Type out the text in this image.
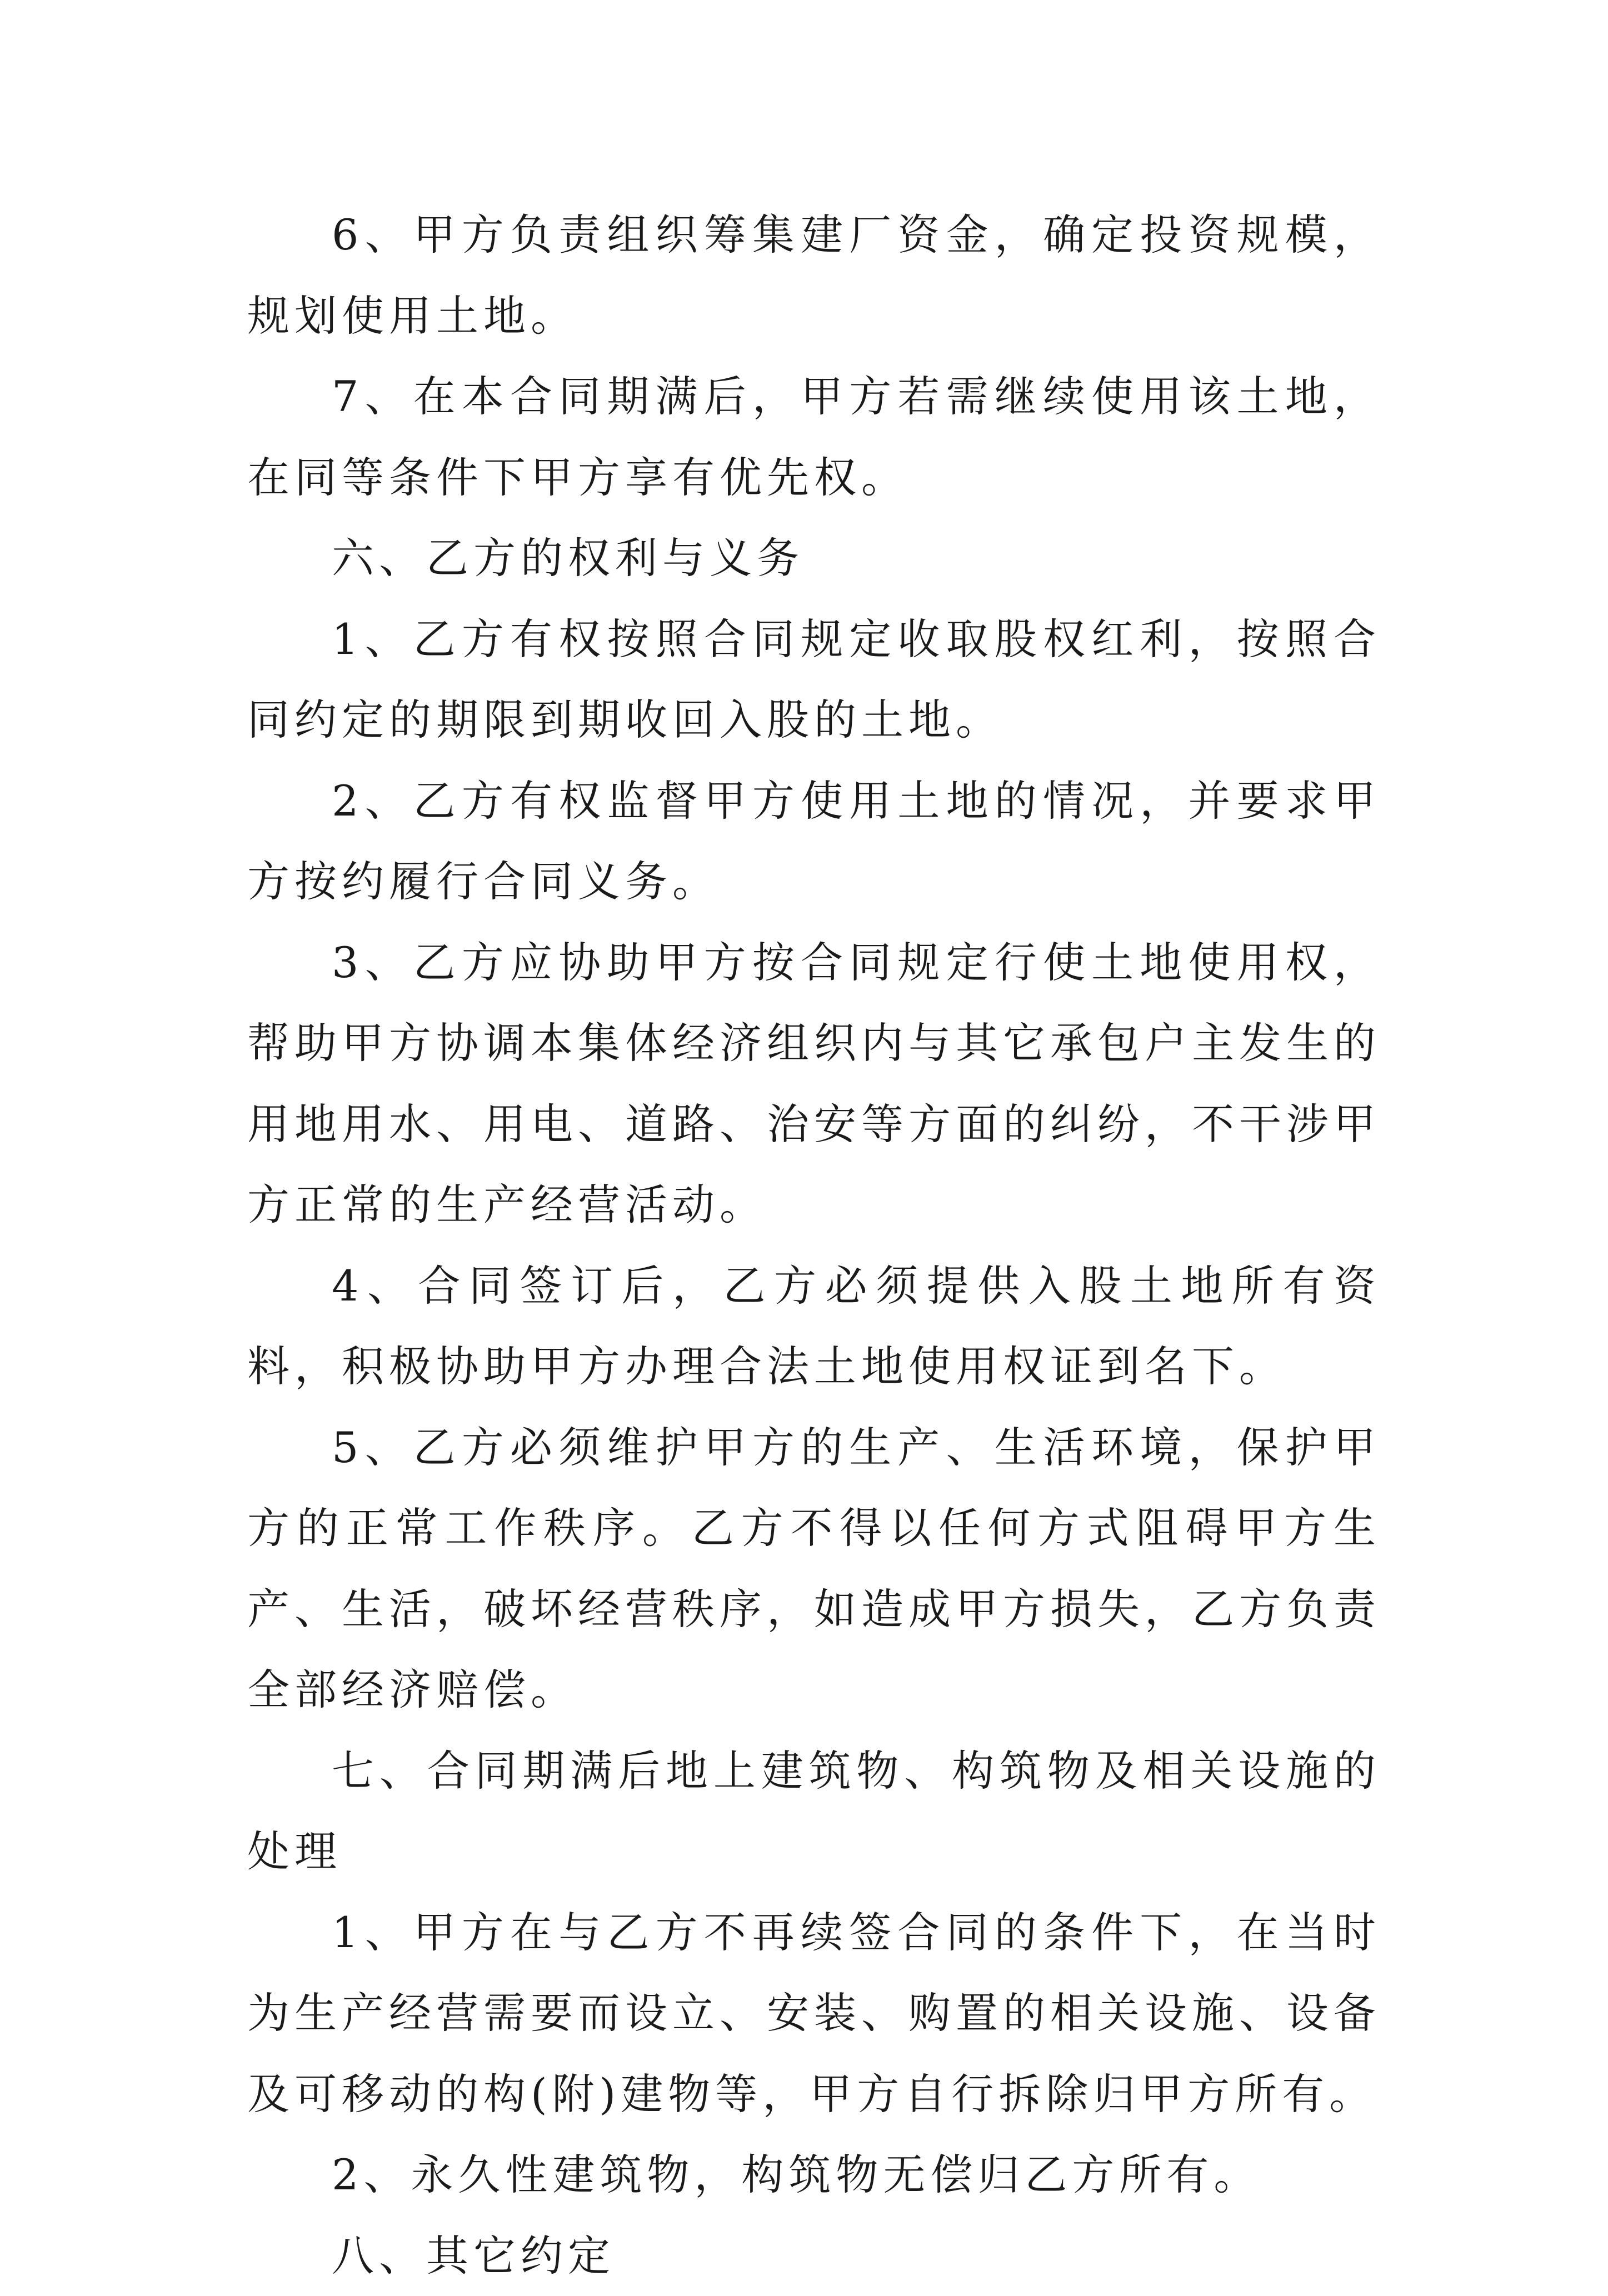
6、甲方负责组织筹集建厂资金，确定投资规模，规划使用土地。

7、在本合同期满后，甲方若需继续使用该土地，在同等条件下甲方享有优先权。

六、乙方的权利与义务

1、乙方有权按照合同规定收取股权红利，按照合同约定的期限到期收回入股的土地。

2、乙方有权监督甲方使用土地的情况，并要求甲方按约履行合同义务。

3、乙方应协助甲方按合同规定行使土地使用权，帮助甲方协调本集体经济组织内与其它承包户主发生的用地用水、用电、道路、治安等方面的纠纷，不干涉甲方正常的生产经营活动。

4、合同签订后，乙方必须提供入股土地所有资料，积极协助甲方办理合法土地使用权证到名下。

5、乙方必须维护甲方的生产、生活环境，保护甲方的正常工作秩序。乙方不得以任何方式阻碍甲方生产、生活，破坏经营秩序，如造成甲方损失，乙方负责全部经济赔偿。

七、合同期满后地上建筑物、构筑物及相关设施的处理

1、甲方在与乙方不再续签合同的条件下，在当时为生产经营需要而设立、安装、购置的相关设施、设备及可移动的构(附)建物等，甲方自行拆除归甲方所有。

2、永久性建筑物，构筑物无偿归乙方所有。

八、其它约定
